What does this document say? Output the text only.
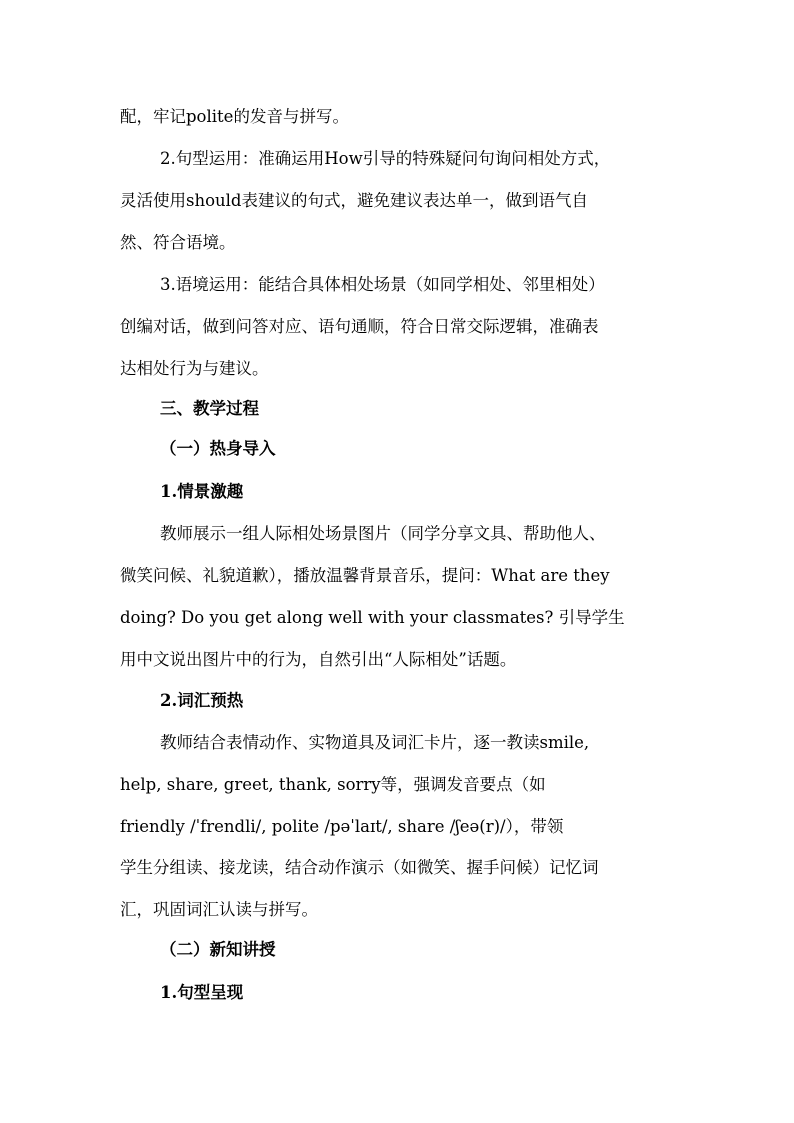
配，牢记polite的发音与拼写。
2.句型运用：准确运用How引导的特殊疑问句询问相处方式，
灵活使用should表建议的句式，避免建议表达单一，做到语气自
然、符合语境。
3.语境运用：能结合具体相处场景（如同学相处、邻里相处）
创编对话，做到问答对应、语句通顺，符合日常交际逻辑，准确表
达相处行为与建议。
三、教学过程
（一）热身导入
1.情景激趣
教师展示一组人际相处场景图片（同学分享文具、帮助他人、
微笑问候、礼貌道歉），播放温馨背景音乐，提问：What are they
doing? Do you get along well with your classmates? 引导学生
用中文说出图片中的行为，自然引出“人际相处”话题。
2.词汇预热
教师结合表情动作、实物道具及词汇卡片，逐一教读smile,
help, share, greet, thank, sorry等，强调发音要点（如
friendly /ˈfrendli/, polite /pəˈlaɪt/, share /ʃeə(r)/），带领
学生分组读、接龙读，结合动作演示（如微笑、握手问候）记忆词
汇，巩固词汇认读与拼写。
（二）新知讲授
1.句型呈现
